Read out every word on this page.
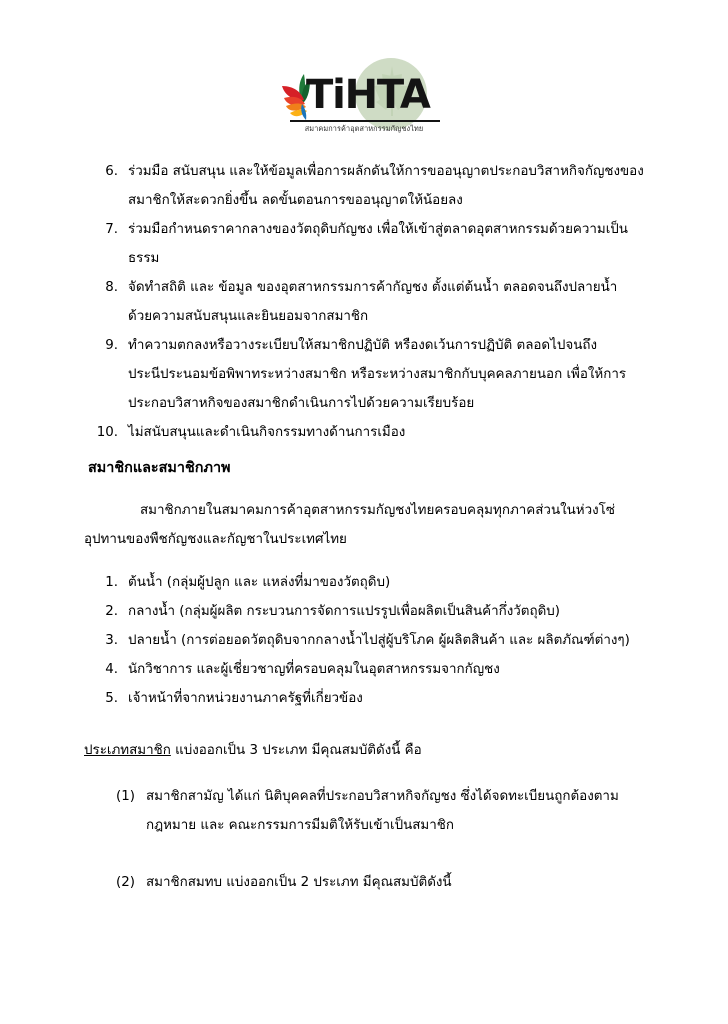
TiHTA
สมาคมการค้าอุตสาหกรรมกัญชงไทย
6. ร่วมมือ สนับสนุน และให้ข้อมูลเพื่อการผลักดันให้การขออนุญาตประกอบวิสาหกิจกัญชงของสมาชิกให้สะดวกยิ่งขึ้น ลดขั้นตอนการขออนุญาตให้น้อยลง
7. ร่วมมือกำหนดราคากลางของวัตถุดิบกัญชง เพื่อให้เข้าสู่ตลาดอุตสาหกรรมด้วยความเป็นธรรม
8. จัดทำสถิติ และ ข้อมูล ของอุตสาหกรรมการค้ากัญชง ตั้งแต่ต้นน้ำ ตลอดจนถึงปลายน้ำ ด้วยความสนับสนุนและยินยอมจากสมาชิก
9. ทำความตกลงหรือวางระเบียบให้สมาชิกปฏิบัติ หรืองดเว้นการปฏิบัติ ตลอดไปจนถึงประนีประนอมข้อพิพาทระหว่างสมาชิก หรือระหว่างสมาชิกกับบุคคลภายนอก เพื่อให้การประกอบวิสาหกิจของสมาชิกดำเนินการไปด้วยความเรียบร้อย
10. ไม่สนับสนุนและดำเนินกิจกรรมทางด้านการเมือง
สมาชิกและสมาชิกภาพ
สมาชิกภายในสมาคมการค้าอุตสาหกรรมกัญชงไทยครอบคลุมทุกภาคส่วนในห่วงโซ่อุปทานของพืชกัญชงและกัญชาในประเทศไทย
1. ต้นน้ำ (กลุ่มผู้ปลูก และ แหล่งที่มาของวัตถุดิบ)
2. กลางน้ำ (กลุ่มผู้ผลิต กระบวนการจัดการแปรรูปเพื่อผลิตเป็นสินค้ากึ่งวัตถุดิบ)
3. ปลายน้ำ (การต่อยอดวัตถุดิบจากกลางน้ำไปสู่ผู้บริโภค ผู้ผลิตสินค้า และ ผลิตภัณฑ์ต่างๆ)
4. นักวิชาการ และผู้เชี่ยวชาญที่ครอบคลุมในอุตสาหกรรมจากกัญชง
5. เจ้าหน้าที่จากหน่วยงานภาครัฐที่เกี่ยวข้อง
ประเภทสมาชิก แบ่งออกเป็น 3 ประเภท มีคุณสมบัติดังนี้ คือ
(1) สมาชิกสามัญ ได้แก่ นิติบุคคลที่ประกอบวิสาหกิจกัญชง ซึ่งได้จดทะเบียนถูกต้องตามกฎหมาย และ คณะกรรมการมีมติให้รับเข้าเป็นสมาชิก
(2) สมาชิกสมทบ แบ่งออกเป็น 2 ประเภท มีคุณสมบัติดังนี้
